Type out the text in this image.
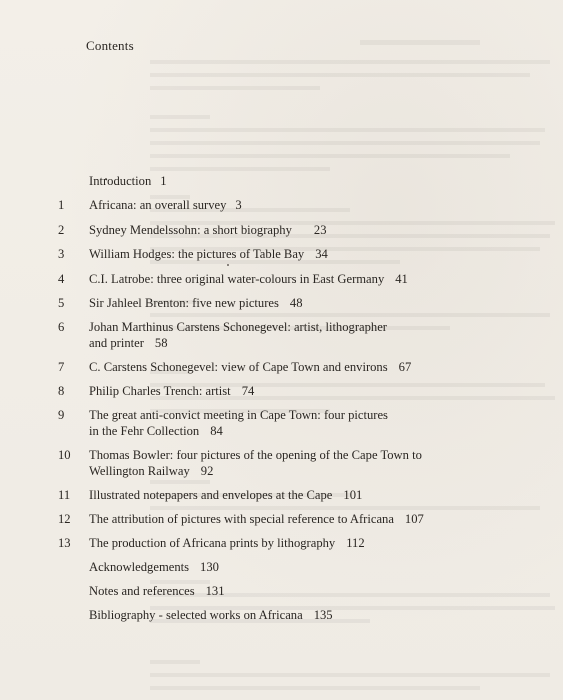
Contents
Introduction 1
1 Africana: an overall survey 3
2 Sydney Mendelssohn: a short biography 23
3 William Hodges: the pictures of Table Bay 34
4 C.I. Latrobe: three original water-colours in East Germany 41
5 Sir Jahleel Brenton: five new pictures 48
6 Johan Marthinus Carstens Schonegevel: artist, lithographer
and printer 58
7 C. Carstens Schonegevel: view of Cape Town and environs 67
8 Philip Charles Trench: artist 74
9 The great anti-convict meeting in Cape Town: four pictures
in the Fehr Collection 84
10 Thomas Bowler: four pictures of the opening of the Cape Town to
Wellington Railway 92
11 Illustrated notepapers and envelopes at the Cape 101
12 The attribution of pictures with special reference to Africana 107
13 The production of Africana prints by lithography 112
Acknowledgements 130
Notes and references 131
Bibliography - selected works on Africana 135
